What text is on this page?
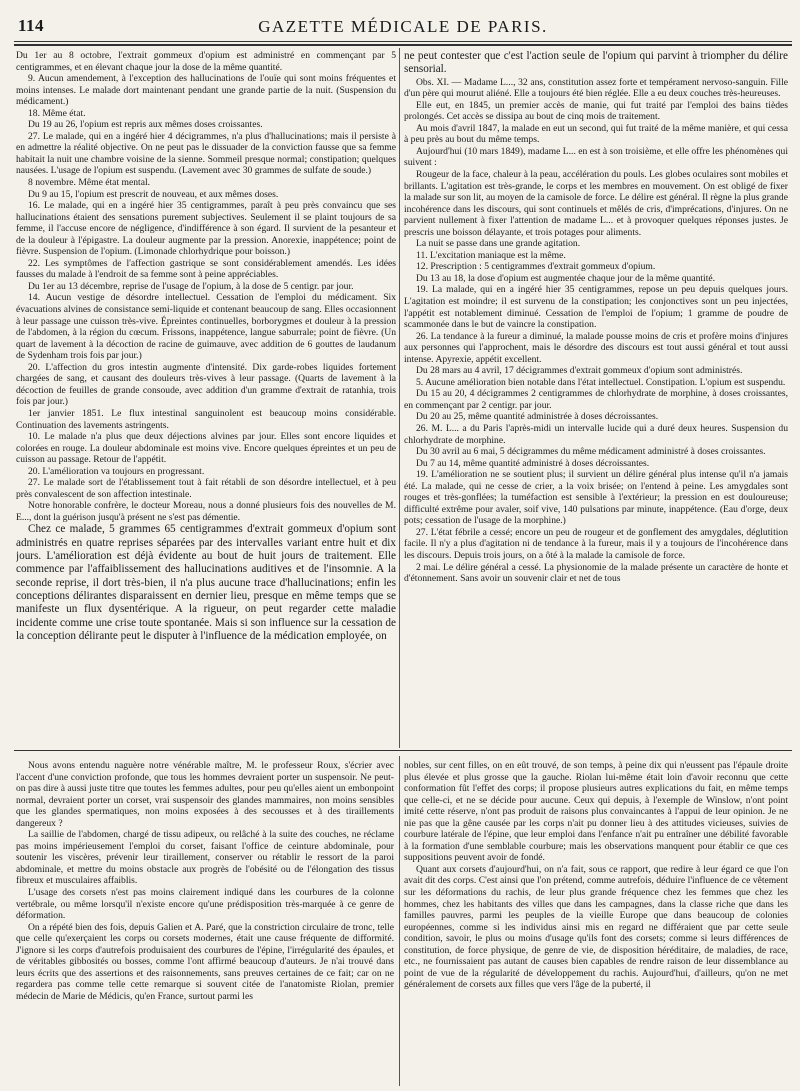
114	GAZETTE MÉDICALE DE PARIS.

Du 1er au 8 octobre, l'extrait gommeux d'opium est administré en commençant par 5 centigrammes, et en élevant chaque jour la dose de la même quantité.

9. Aucun amendement, à l'exception des hallucinations de l'ouïe qui sont moins fréquentes et moins intenses. Le malade dort maintenant pendant une grande partie de la nuit. (Suspension du médicament.)

18. Même état.

Du 19 au 26, l'opium est repris aux mêmes doses croissantes.

27. Le malade, qui en a ingéré hier 4 décigrammes, n'a plus d'hallucinations; mais il persiste à en admettre la réalité objective. On ne peut pas le dissuader de la conviction fausse que sa femme habitait la nuit une chambre voisine de la sienne. Sommeil presque normal; constipation; quelques nausées. L'usage de l'opium est suspendu. (Lavement avec 30 grammes de sulfate de soude.)

8 novembre. Même état mental.

Du 9 au 15, l'opium est prescrit de nouveau, et aux mêmes doses.

16. Le malade, qui en a ingéré hier 35 centigrammes, paraît à peu près convaincu que ses hallucinations étaient des sensations purement subjectives. Seulement il se plaint toujours de sa femme, il l'accuse encore de négligence, d'indifférence à son égard. Il survient de la pesanteur et de la douleur à l'épigastre. La douleur augmente par la pression. Anorexie, inappétence; point de fièvre. Suspension de l'opium. (Limonade chlorhydrique pour boisson.)

22. Les symptômes de l'affection gastrique se sont considérablement amendés. Les idées fausses du malade à l'endroit de sa femme sont à peine appréciables.

Du 1er au 13 décembre, reprise de l'usage de l'opium, à la dose de 5 centigr. par jour.

14. Aucun vestige de désordre intellectuel. Cessation de l'emploi du médicament. Six évacuations alvines de consistance semi-liquide et contenant beaucoup de sang. Elles occasionnent à leur passage une cuisson très-vive. Épreintes continuelles, borborygmes et douleur à la pression de l'abdomen, à la région du cœcum. Frissons, inappétence, langue saburrale; point de fièvre. (Un quart de lavement à la décoction de racine de guimauve, avec addition de 6 gouttes de laudanum de Sydenham trois fois par jour.)

20. L'affection du gros intestin augmente d'intensité. Dix garde-robes liquides fortement chargées de sang, et causant des douleurs très-vives à leur passage. (Quarts de lavement à la décoction de feuilles de grande consoude, avec addition d'un gramme d'extrait de ratanhia, trois fois par jour.)

1er janvier 1851. Le flux intestinal sanguinolent est beaucoup moins considérable. Continuation des lavements astringents.

10. Le malade n'a plus que deux déjections alvines par jour. Elles sont encore liquides et colorées en rouge. La douleur abdominale est moins vive. Encore quelques épreintes et un peu de cuisson au passage. Retour de l'appétit.

20. L'amélioration va toujours en progressant.

27. Le malade sort de l'établissement tout à fait rétabli de son désordre intellectuel, et à peu près convalescent de son affection intestinale.

Notre honorable confrère, le docteur Moreau, nous a donné plusieurs fois des nouvelles de M. E..., dont la guérison jusqu'à présent ne s'est pas démentie.

Chez ce malade, 5 grammes 65 centigrammes d'extrait gommeux d'opium sont administrés en quatre reprises séparées par des intervalles variant entre huit et dix jours. L'amélioration est déjà évidente au bout de huit jours de traitement. Elle commence par l'affaiblissement des hallucinations auditives et de l'insomnie. A la seconde reprise, il dort très-bien, il n'a plus aucune trace d'hallucinations; enfin les conceptions délirantes disparaissent en dernier lieu, presque en même temps que se manifeste un flux dysentérique. A la rigueur, on peut regarder cette maladie incidente comme une crise toute spontanée. Mais si son influence sur la cessation de la conception délirante peut le disputer à l'influence de la médication employée, on

ne peut contester que c'est l'action seule de l'opium qui parvint à triompher du délire sensorial.

Obs. XI. — Madame L..., 32 ans, constitution assez forte et tempérament nervoso-sanguin. Fille d'un père qui mourut aliéné. Elle a toujours été bien réglée. Elle a eu deux couches très-heureuses.

Elle eut, en 1845, un premier accès de manie, qui fut traité par l'emploi des bains tièdes prolongés. Cet accès se dissipa au bout de cinq mois de traitement.

Au mois d'avril 1847, la malade en eut un second, qui fut traité de la même manière, et qui cessa à peu près au bout du même temps.

Aujourd'hui (10 mars 1849), madame L... en est à son troisième, et elle offre les phénomènes qui suivent :

Rougeur de la face, chaleur à la peau, accélération du pouls. Les globes oculaires sont mobiles et brillants. L'agitation est très-grande, le corps et les membres en mouvement. On est obligé de fixer la malade sur son lit, au moyen de la camisole de force. Le délire est général. Il règne la plus grande incohérence dans les discours, qui sont continuels et mêlés de cris, d'imprécations, d'injures. On ne parvient nullement à fixer l'attention de madame L... et à provoquer quelques réponses justes. Je prescris une boisson délayante, et trois potages pour aliments.

La nuit se passe dans une grande agitation.

11. L'excitation maniaque est la même.

12. Prescription : 5 centigrammes d'extrait gommeux d'opium.

Du 13 au 18, la dose d'opium est augmentée chaque jour de la même quantité.

19. La malade, qui en a ingéré hier 35 centigrammes, repose un peu depuis quelques jours. L'agitation est moindre; il est survenu de la constipation; les conjonctives sont un peu injectées, l'appétit est notablement diminué. Cessation de l'emploi de l'opium; 1 gramme de poudre de scammonée dans le but de vaincre la constipation.

26. La tendance à la fureur a diminué, la malade pousse moins de cris et profère moins d'injures aux personnes qui l'approchent, mais le désordre des discours est tout aussi général et tout aussi intense. Apyrexie, appétit excellent.

Du 28 mars au 4 avril, 17 décigrammes d'extrait gommeux d'opium sont administrés.

5. Aucune amélioration bien notable dans l'état intellectuel. Constipation. L'opium est suspendu.

Du 15 au 20, 4 décigrammes 2 centigrammes de chlorhydrate de morphine, à doses croissantes, en commençant par 2 centigr. par jour.

Du 20 au 25, même quantité administrée à doses décroissantes.

26. M. L... a du Paris l'après-midi un intervalle lucide qui a duré deux heures. Suspension du chlorhydrate de morphine.

Du 30 avril au 6 mai, 5 décigrammes du même médicament administré à doses croissantes.

Du 7 au 14, même quantité administré à doses décroissantes.

19. L'amélioration ne se soutient plus; il survient un délire général plus intense qu'il n'a jamais été. La malade, qui ne cesse de crier, a la voix brisée; on l'entend à peine. Les amygdales sont rouges et très-gonflées; la tuméfaction est sensible à l'extérieur; la pression en est douloureuse; difficulté extrême pour avaler, soif vive, 140 pulsations par minute, inappétence. (Eau d'orge, deux pots; cessation de l'usage de la morphine.)

27. L'état fébrile a cessé; encore un peu de rougeur et de gonflement des amygdales, déglutition facile. Il n'y a plus d'agitation ni de tendance à la fureur, mais il y a toujours de l'incohérence dans les discours. Depuis trois jours, on a ôté à la malade la camisole de force.

2 mai. Le délire général a cessé. La physionomie de la malade présente un caractère de honte et d'étonnement. Sans avoir un souvenir clair et net de tous

Nous avons entendu naguère notre vénérable maître, M. le professeur Roux, s'écrier avec l'accent d'une conviction profonde, que tous les hommes devraient porter un suspensoir. Ne peut-on pas dire à aussi juste titre que toutes les femmes adultes, pour peu qu'elles aient un embonpoint normal, devraient porter un corset, vrai suspensoir des glandes mammaires, non moins sensibles que les glandes spermatiques, non moins exposées à des secousses et à des tiraillements dangereux ?

La saillie de l'abdomen, chargé de tissu adipeux, ou relâché à la suite des couches, ne réclame pas moins impérieusement l'emploi du corset, faisant l'office de ceinture abdominale, pour soutenir les viscères, prévenir leur tiraillement, conserver ou rétablir le ressort de la paroi abdominale, et mettre du moins obstacle aux progrès de l'obésité ou de l'élongation des tissus fibreux et musculaires affaiblis.

L'usage des corsets n'est pas moins clairement indiqué dans les courbures de la colonne vertébrale, ou même lorsqu'il n'existe encore qu'une prédisposition très-marquée à ce genre de déformation.

On a répété bien des fois, depuis Galien et A. Paré, que la constriction circulaire de tronc, telle que celle qu'exerçaient les corps ou corsets modernes, était une cause fréquente de difformité. J'ignore si les corps d'autrefois produisaient des courbures de l'épine, l'irrégularité des épaules, et de véritables gibbosités ou bosses, comme l'ont affirmé beaucoup d'auteurs. Je n'ai trouvé dans leurs écrits que des assertions et des raisonnements, sans preuves certaines de ce fait; car on ne regardera pas comme telle cette remarque si souvent citée de l'anatomiste Riolan, premier médecin de Marie de Médicis, qu'en France, surtout parmi les

nobles, sur cent filles, on en eût trouvé, de son temps, à peine dix qui n'eussent pas l'épaule droite plus élevée et plus grosse que la gauche. Riolan lui-même était loin d'avoir reconnu que cette conformation fût l'effet des corps; il propose plusieurs autres explications du fait, en même temps que celle-ci, et ne se décide pour aucune. Ceux qui depuis, à l'exemple de Winslow, n'ont point imité cette réserve, n'ont pas produit de raisons plus convaincantes à l'appui de leur opinion. Je ne nie pas que la gêne causée par les corps n'ait pu donner lieu à des attitudes vicieuses, suivies de courbure latérale de l'épine, que leur emploi dans l'enfance n'ait pu entraîner une débilité favorable à la formation d'une semblable courbure; mais les observations manquent pour établir ce que ces suppositions peuvent avoir de fondé.

Quant aux corsets d'aujourd'hui, on n'a fait, sous ce rapport, que redire à leur égard ce que l'on avait dit des corps. C'est ainsi que l'on prétend, comme autrefois, déduire l'influence de ce vêtement sur les déformations du rachis, de leur plus grande fréquence chez les femmes que chez les hommes, chez les habitants des villes que dans les campagnes, dans la classe riche que dans les familles pauvres, parmi les peuples de la vieille Europe que dans beaucoup de colonies européennes, comme si les individus ainsi mis en regard ne différaient que par cette seule condition, savoir, le plus ou moins d'usage qu'ils font des corsets; comme si leurs différences de constitution, de force physique, de genre de vie, de disposition héréditaire, de maladies, de race, etc., ne fournissaient pas autant de causes bien capables de rendre raison de leur dissemblance au point de vue de la régularité de développement du rachis. Aujourd'hui, d'ailleurs, qu'on ne met généralement de corsets aux filles que vers l'âge de la puberté, il
